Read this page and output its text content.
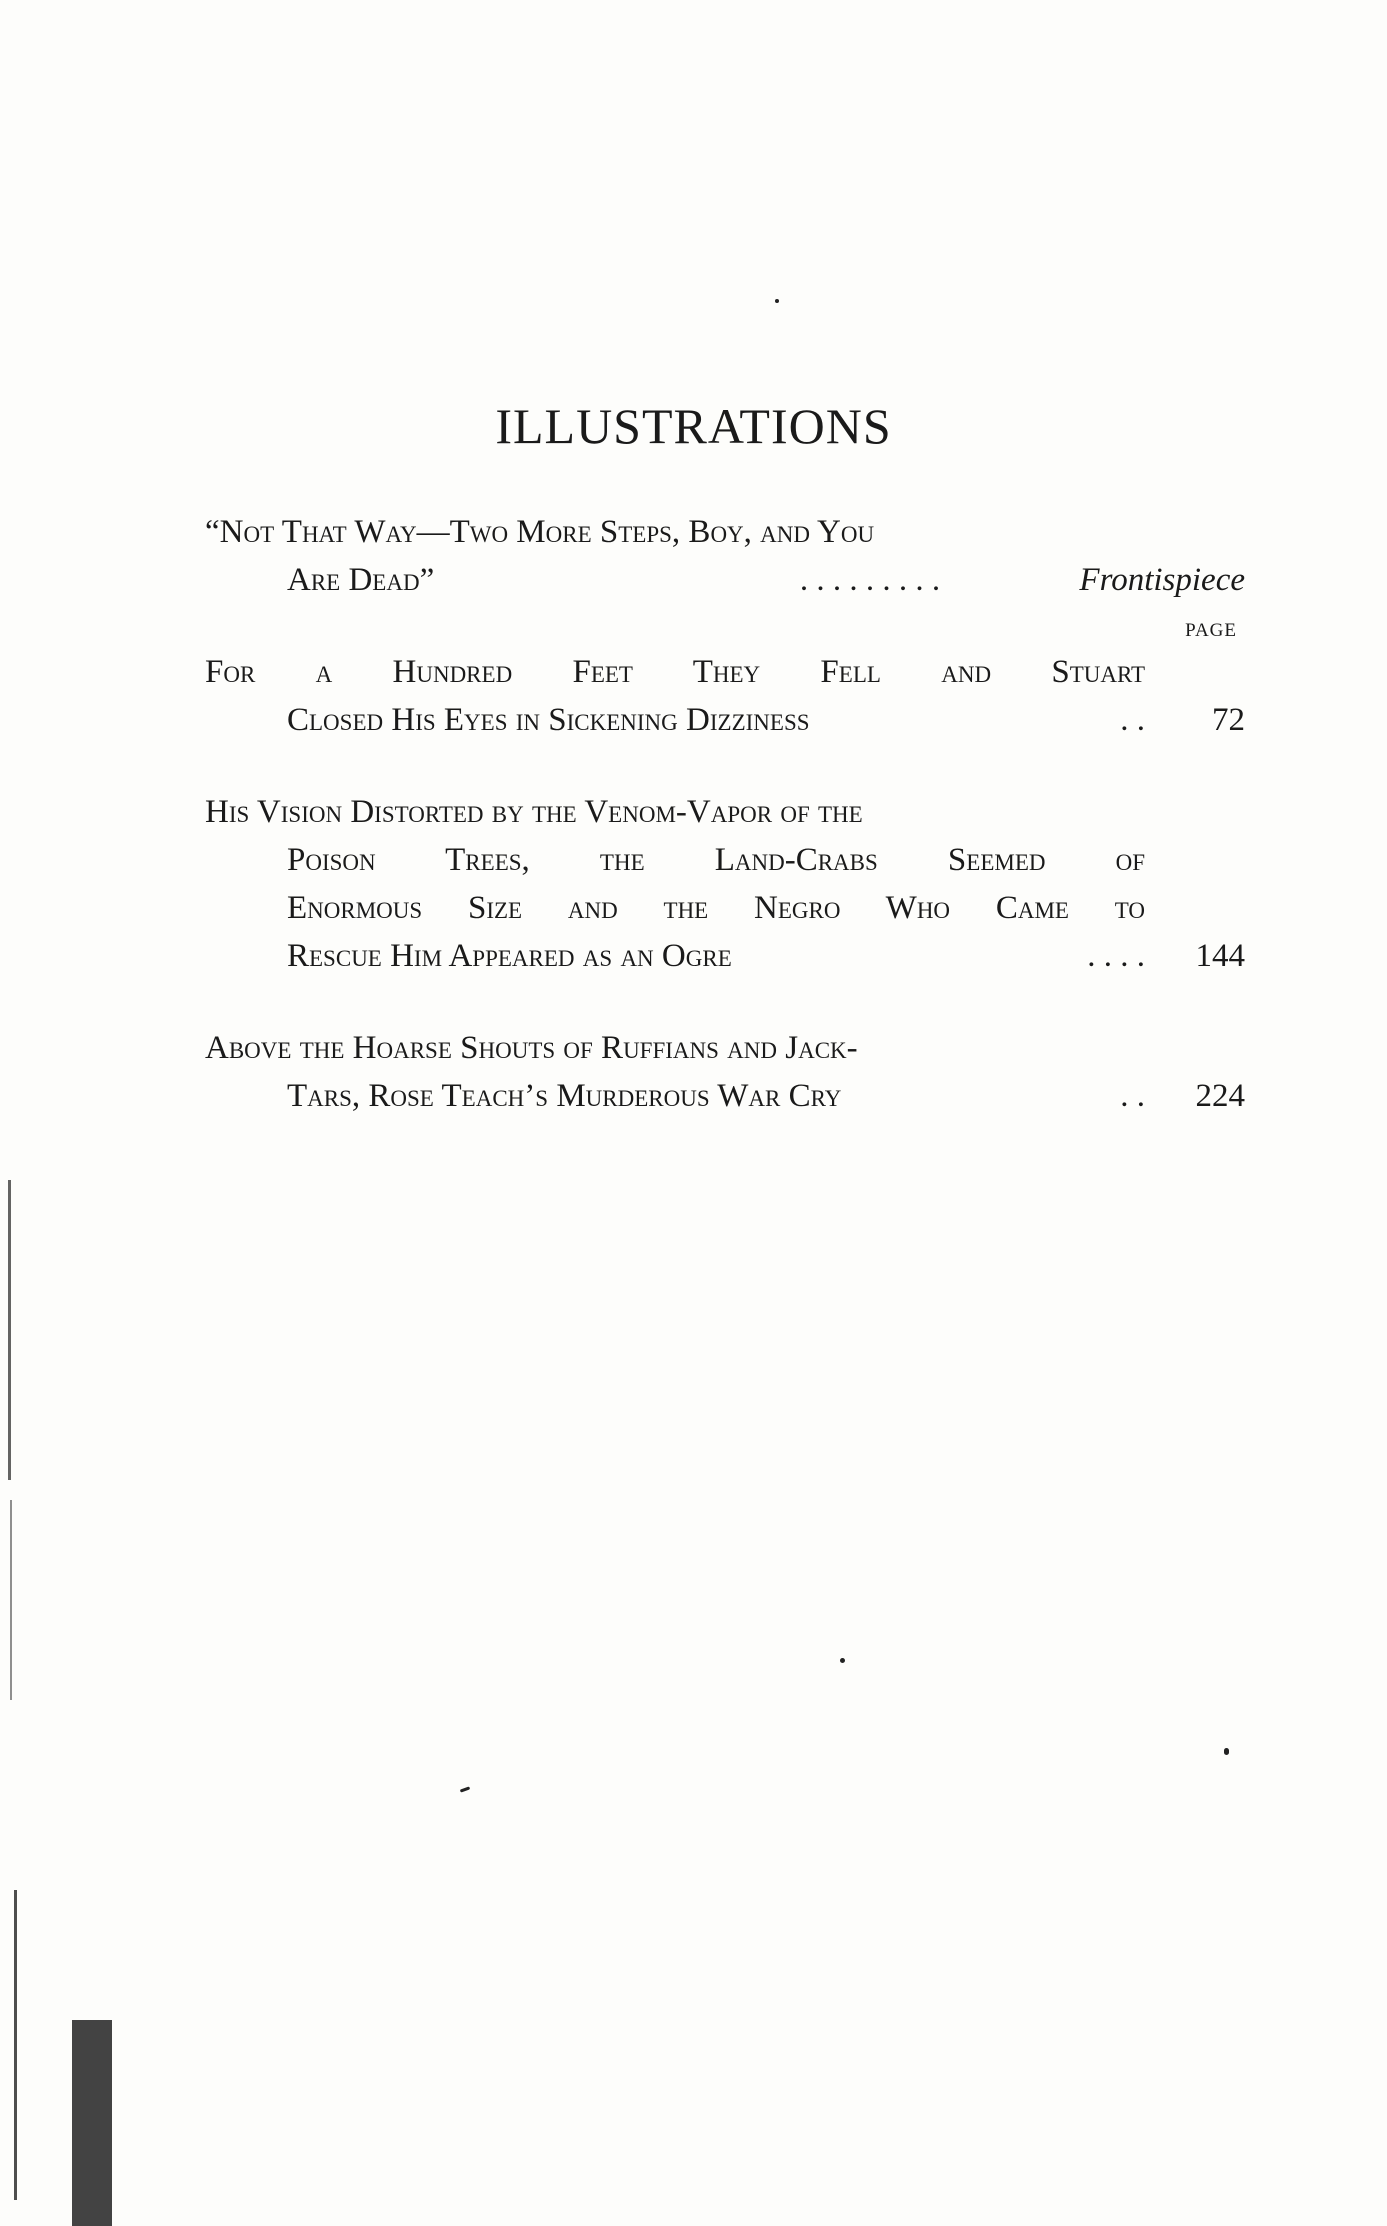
ILLUSTRATIONS
“Not That Way—Two More Steps, Boy, and You
Are Dead”	. . . . . . . . .	Frontispiece
PAGE
For a Hundred Feet They Fell and Stuart
Closed His Eyes in Sickening Dizziness	. . 72
His Vision Distorted by the Venom-Vapor of the
Poison Trees, the Land-Crabs Seemed of
Enormous Size and the Negro Who Came to
Rescue Him Appeared as an Ogre	. . . . 144
Above the Hoarse Shouts of Ruffians and Jack-
Tars, Rose Teach’s Murderous War Cry	. . 224
